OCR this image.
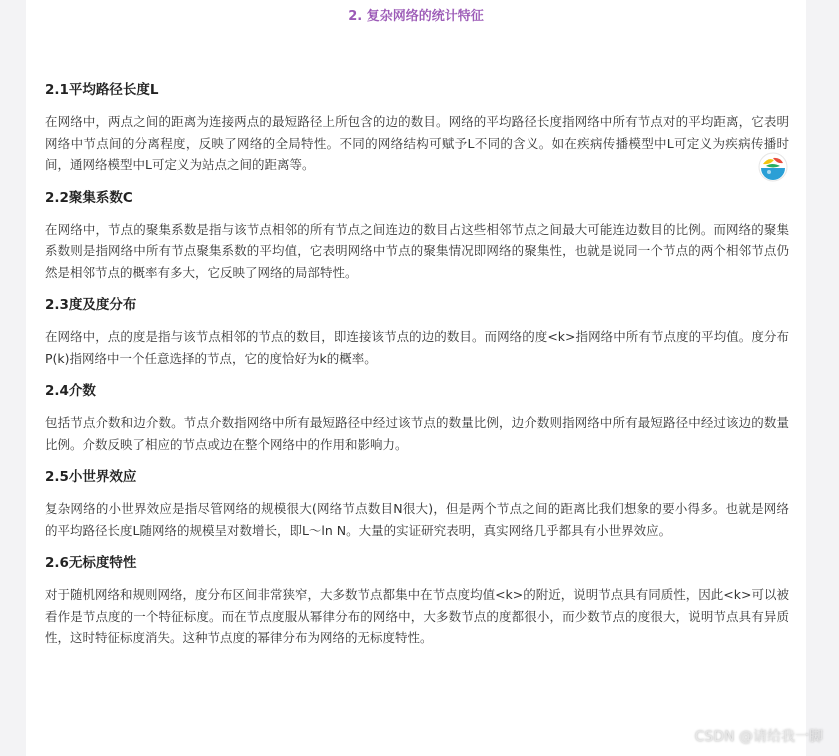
2. 复杂网络的统计特征
2.1平均路径长度L
在网络中，两点之间的距离为连接两点的最短路径上所包含的边的数目。网络的平均路径长度指网络中所有节点对的平均距离，它表明网络中节点间的分离程度，反映了网络的全局特性。不同的网络结构可赋予L不同的含义。如在疾病传播模型中L可定义为疾病传播时间，通网络模型中L可定义为站点之间的距离等。
2.2聚集系数C
在网络中，节点的聚集系数是指与该节点相邻的所有节点之间连边的数目占这些相邻节点之间最大可能连边数目的比例。而网络的聚集系数则是指网络中所有节点聚集系数的平均值，它表明网络中节点的聚集情况即网络的聚集性，也就是说同一个节点的两个相邻节点仍然是相邻节点的概率有多大，它反映了网络的局部特性。
2.3度及度分布
在网络中，点的度是指与该节点相邻的节点的数目，即连接该节点的边的数目。而网络的度<k>指网络中所有节点度的平均值。度分布P(k)指网络中一个任意选择的节点，它的度恰好为k的概率。
2.4介数
包括节点介数和边介数。节点介数指网络中所有最短路径中经过该节点的数量比例，边介数则指网络中所有最短路径中经过该边的数量比例。介数反映了相应的节点或边在整个网络中的作用和影响力。
2.5小世界效应
复杂网络的小世界效应是指尽管网络的规模很大(网络节点数目N很大)，但是两个节点之间的距离比我们想象的要小得多。也就是网络的平均路径长度L随网络的规模呈对数增长，即L～ln N。大量的实证研究表明，真实网络几乎都具有小世界效应。
2.6无标度特性
对于随机网络和规则网络，度分布区间非常狭窄，大多数节点都集中在节点度均值<k>的附近，说明节点具有同质性，因此<k>可以被看作是节点度的一个特征标度。而在节点度服从幂律分布的网络中，大多数节点的度都很小，而少数节点的度很大，说明节点具有异质性，这时特征标度消失。这种节点度的幂律分布为网络的无标度特性。
CSDN @请给我一脚
